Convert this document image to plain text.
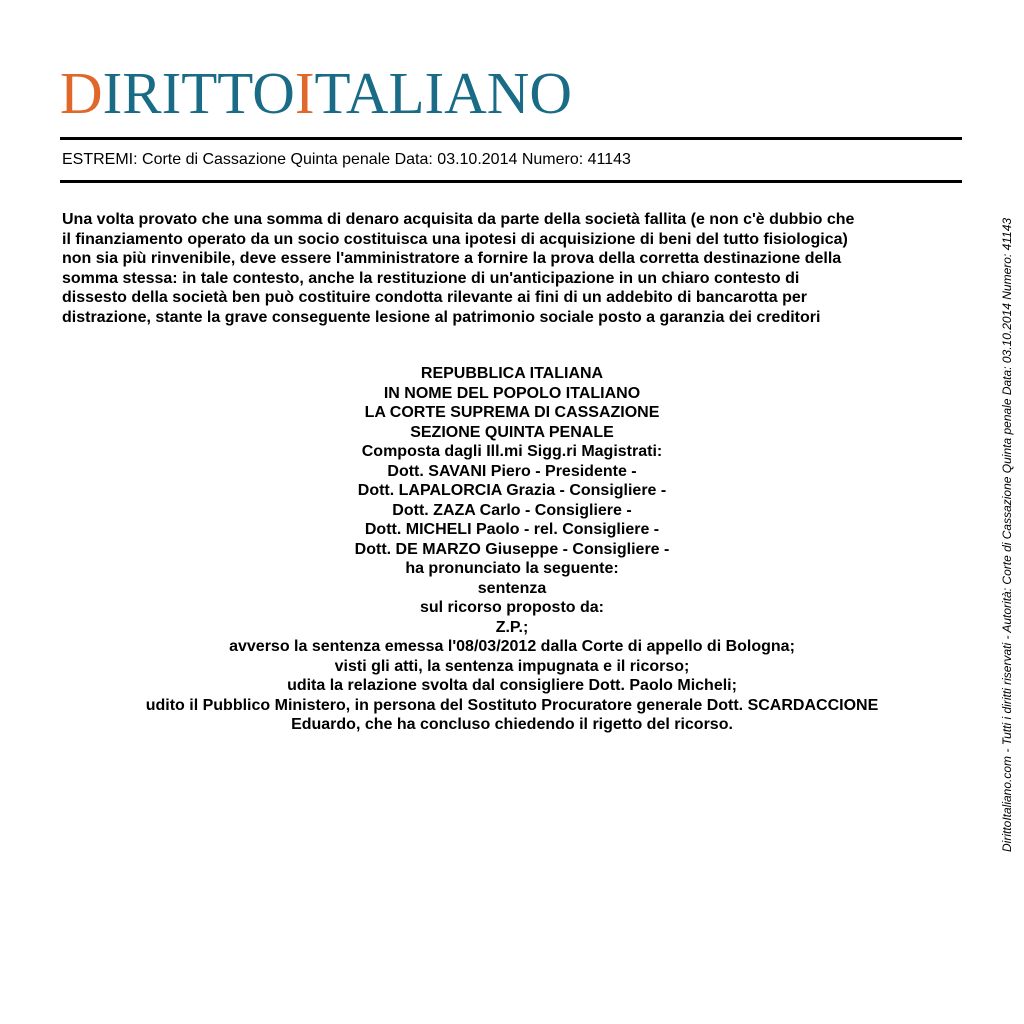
D IRITTO I TALIANO
ESTREMI: Corte di Cassazione Quinta penale Data: 03.10.2014 Numero: 41143
Una volta provato che una somma di denaro acquisita da parte della società fallita (e non c'è dubbio che
il finanziamento operato da un socio costituisca una ipotesi di acquisizione di beni del tutto fisiologica)
non sia più rinvenibile, deve essere l'amministratore a fornire la prova della corretta destinazione della
somma stessa: in tale contesto, anche la restituzione di un'anticipazione in un chiaro contesto di
dissesto della società ben può costituire condotta rilevante ai fini di un addebito di bancarotta per
distrazione, stante la grave conseguente lesione al patrimonio sociale posto a garanzia dei creditori
REPUBBLICA ITALIANA
IN NOME DEL POPOLO ITALIANO
LA CORTE SUPREMA DI CASSAZIONE
SEZIONE QUINTA PENALE
Composta dagli Ill.mi Sigg.ri Magistrati:
Dott. SAVANI Piero - Presidente -
Dott. LAPALORCIA Grazia - Consigliere -
Dott. ZAZA Carlo - Consigliere -
Dott. MICHELI Paolo - rel. Consigliere -
Dott. DE MARZO Giuseppe - Consigliere -
ha pronunciato la seguente:
sentenza
sul ricorso proposto da:
Z.P.;
avverso la sentenza emessa l'08/03/2012 dalla Corte di appello di Bologna;
visti gli atti, la sentenza impugnata e il ricorso;
udita la relazione svolta dal consigliere Dott. Paolo Micheli;
udito il Pubblico Ministero, in persona del Sostituto Procuratore generale Dott. SCARDACCIONE
Eduardo, che ha concluso chiedendo il rigetto del ricorso.	DirittoItaliano.com - Tutti i diritti riservati - Autorità: Corte di Cassazione Quinta penale Data: 03.10.2014 Numero: 41143
